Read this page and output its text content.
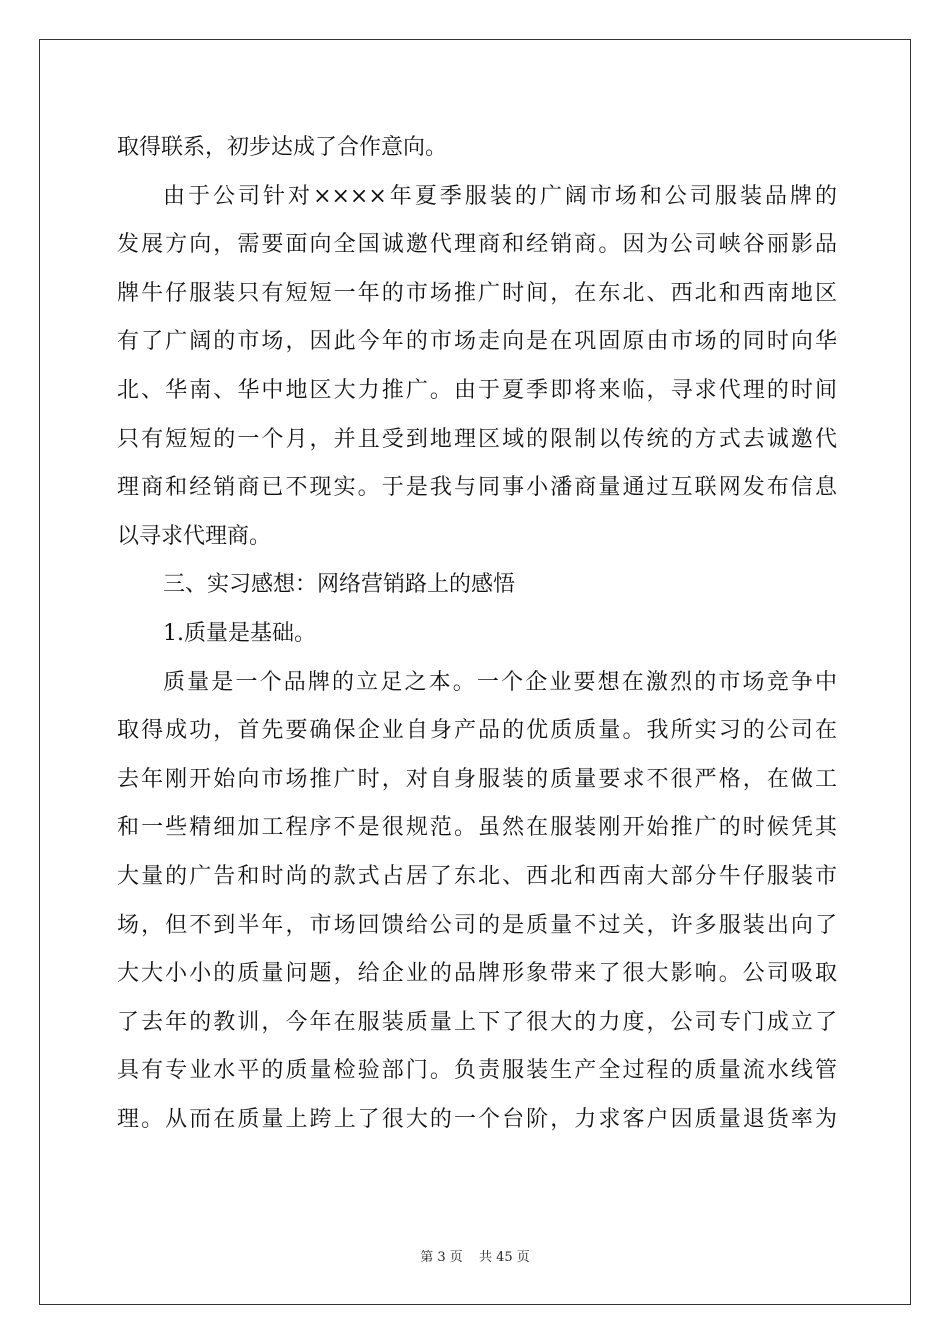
取得联系，初步达成了合作意向。
由于公司针对××××年夏季服装的广阔市场和公司服装品牌的
发展方向，需要面向全国诚邀代理商和经销商。因为公司峡谷丽影品
牌牛仔服装只有短短一年的市场推广时间，在东北、西北和西南地区
有了广阔的市场，因此今年的市场走向是在巩固原由市场的同时向华
北、华南、华中地区大力推广。由于夏季即将来临，寻求代理的时间
只有短短的一个月，并且受到地理区域的限制以传统的方式去诚邀代
理商和经销商已不现实。于是我与同事小潘商量通过互联网发布信息
以寻求代理商。
三、实习感想：网络营销路上的感悟
1.质量是基础。
质量是一个品牌的立足之本。一个企业要想在激烈的市场竞争中
取得成功，首先要确保企业自身产品的优质质量。我所实习的公司在
去年刚开始向市场推广时，对自身服装的质量要求不很严格，在做工
和一些精细加工程序不是很规范。虽然在服装刚开始推广的时候凭其
大量的广告和时尚的款式占居了东北、西北和西南大部分牛仔服装市
场，但不到半年，市场回馈给公司的是质量不过关，许多服装出向了
大大小小的质量问题，给企业的品牌形象带来了很大影响。公司吸取
了去年的教训，今年在服装质量上下了很大的力度，公司专门成立了
具有专业水平的质量检验部门。负责服装生产全过程的质量流水线管
理。从而在质量上跨上了很大的一个台阶，力求客户因质量退货率为
第 3 页 共 45 页
